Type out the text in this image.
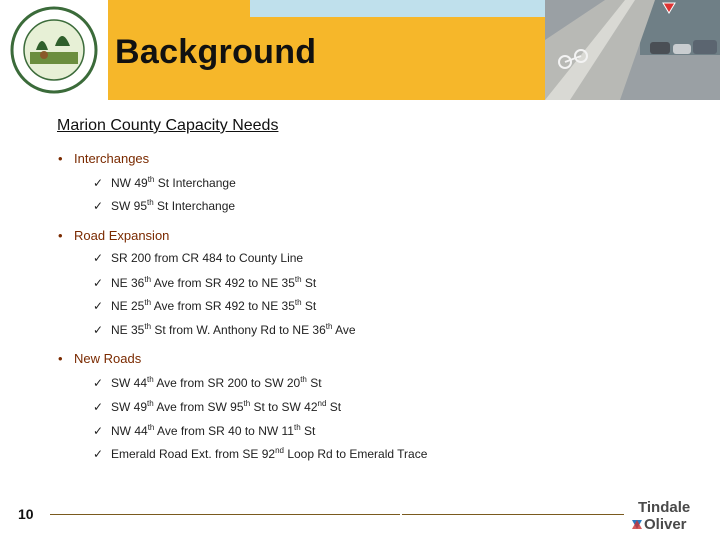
Background
Marion County Capacity Needs
• Interchanges
✓ NW 49th St Interchange
✓ SW 95th St Interchange
• Road Expansion
✓ SR 200 from CR 484 to County Line
✓ NE 36th Ave from SR 492 to NE 35th St
✓ NE 25th Ave from SR 492 to NE 35th St
✓ NE 35th St from W. Anthony Rd to NE 36th Ave
• New Roads
✓ SW 44th Ave from SR 200 to SW 20th St
✓ SW 49th Ave from SW 95th St to SW 42nd St
✓ NW 44th Ave from SR 40 to NW 11th St
✓ Emerald Road Ext. from SE 92nd Loop Rd to Emerald Trace
10	Tindale
Oliver
